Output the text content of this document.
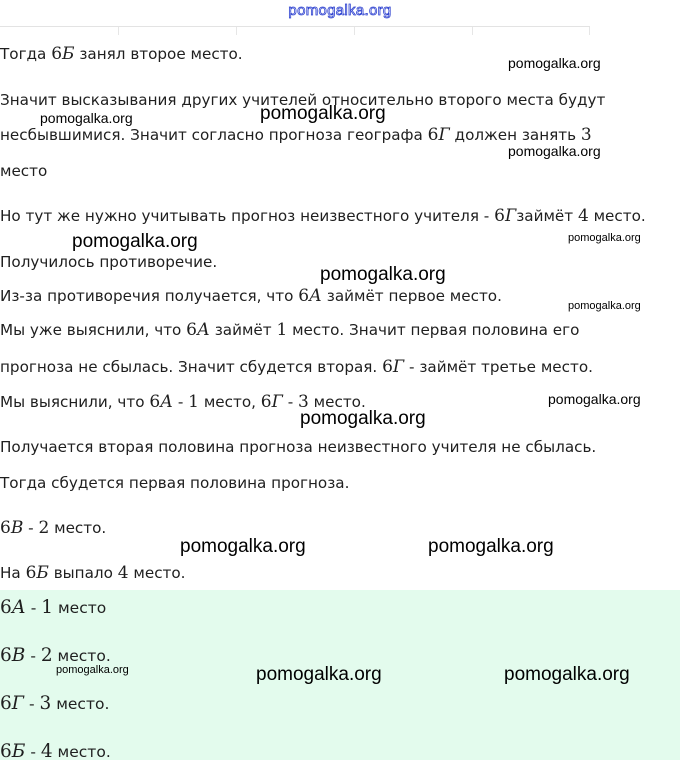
pomogalka.org
Тогда 6Б занял второе место.
Значит высказывания других учителей относительно второго места будут
несбывшимися. Значит согласно прогноза географа 6Г должен занять 3
место
Но тут же нужно учитывать прогноз неизвестного учителя - 6Гзаймёт 4 место.
Получилось противоречие.
Из-за противоречия получается, что 6А займёт первое место.
Мы уже выяснили, что 6А займёт 1 место. Значит первая половина его
прогноза не сбылась. Значит сбудется вторая. 6Г - займёт третье место.
Мы выяснили, что 6А - 1 место, 6Г - 3 место.
Получается вторая половина прогноза неизвестного учителя не сбылась.
Тогда сбудется первая половина прогноза.
6В - 2 место.
На 6Б выпало 4 место.
6А - 1 место
6В - 2 место.
6Г - 3 место.
6Б - 4 место.
pomogalka.org
pomogalka.org	pomogalka.org
pomogalka.org
pomogalka.org	pomogalka.org
pomogalka.org
pomogalka.org
pomogalka.org
pomogalka.org
pomogalka.org	pomogalka.org
pomogalka.org	pomogalka.org	pomogalka.org
